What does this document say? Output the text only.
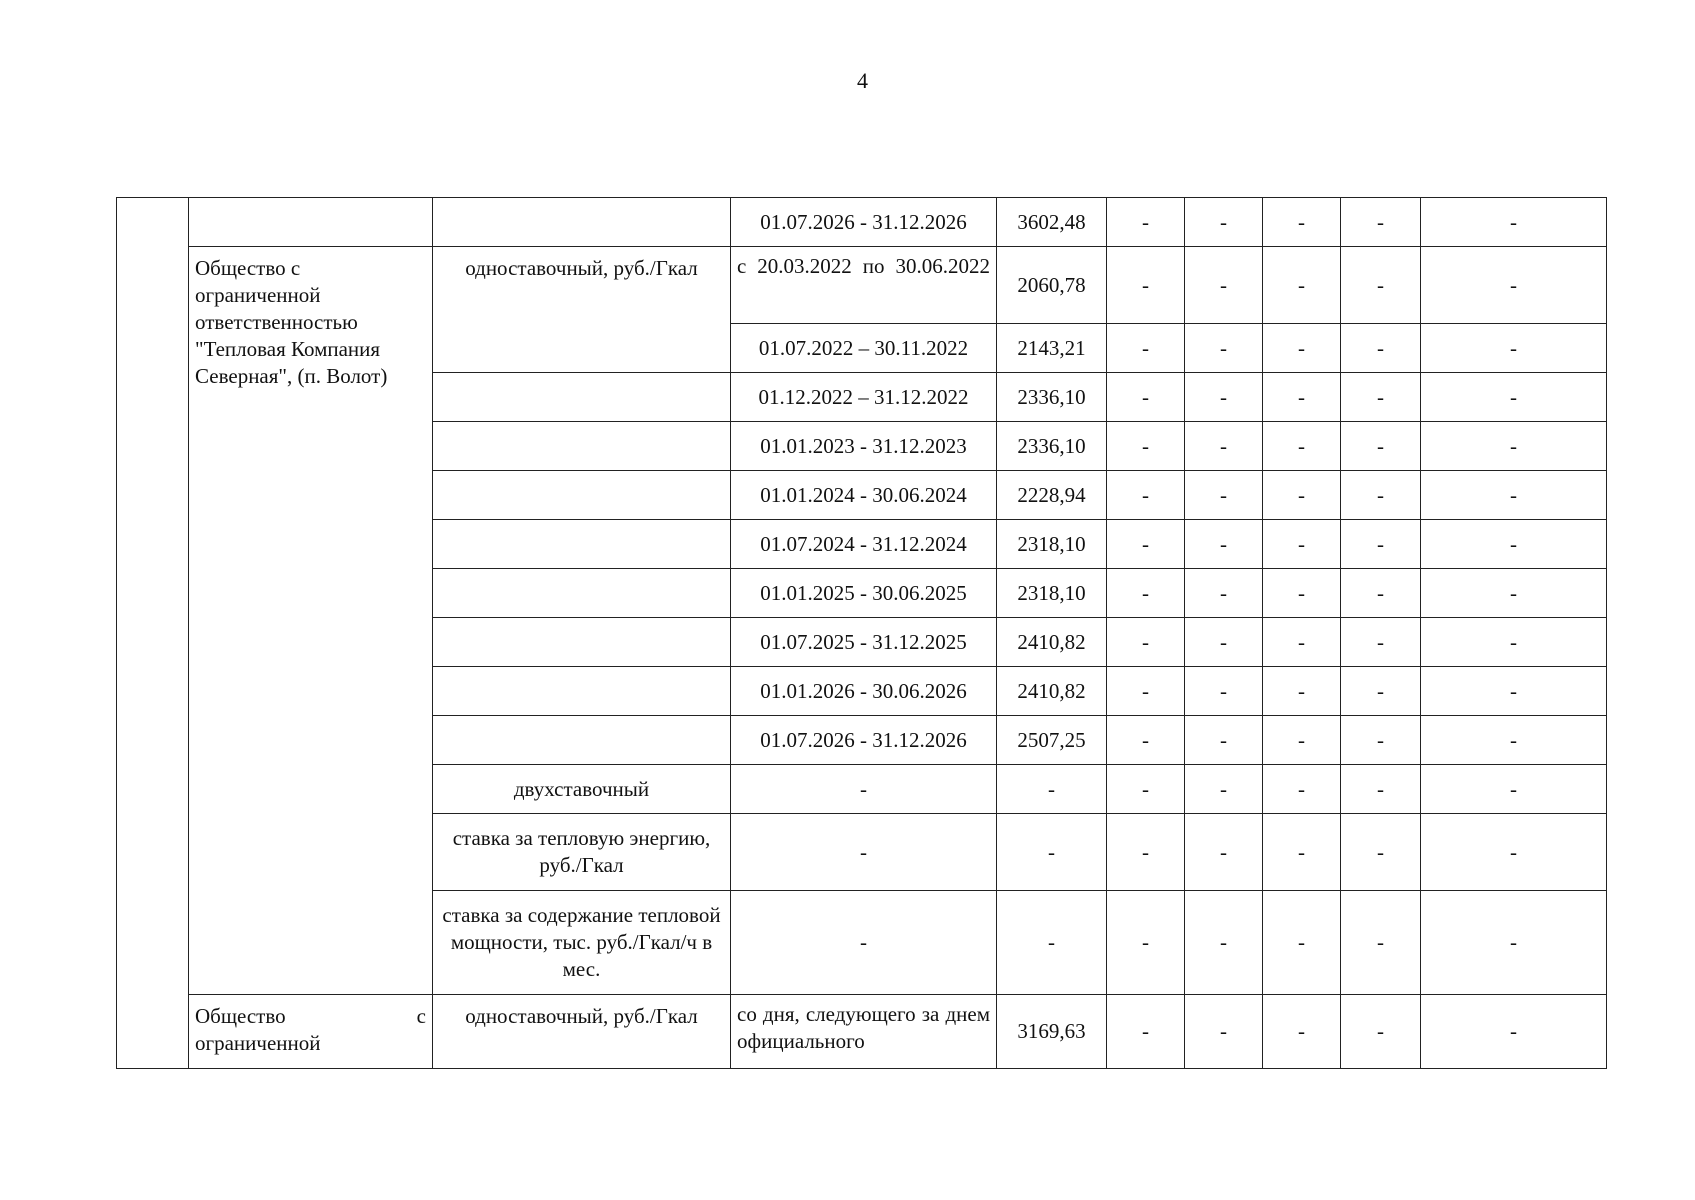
4
			01.07.2026 - 31.12.2026	3602,48	-	-	-	-	-
	Общество с ограниченной ответственностью "Тепловая Компания Северная", (п. Волот)	одноставочный, руб./Гкал	с 20.03.2022 по 30.06.2022	2060,78	-	-	-	-	-
			01.07.2022 – 30.11.2022	2143,21	-	-	-	-	-
			01.12.2022 – 31.12.2022	2336,10	-	-	-	-	-
			01.01.2023 - 31.12.2023	2336,10	-	-	-	-	-
			01.01.2024 - 30.06.2024	2228,94	-	-	-	-	-
			01.07.2024 - 31.12.2024	2318,10	-	-	-	-	-
			01.01.2025 - 30.06.2025	2318,10	-	-	-	-	-
			01.07.2025 - 31.12.2025	2410,82	-	-	-	-	-
			01.01.2026 - 30.06.2026	2410,82	-	-	-	-	-
			01.07.2026 - 31.12.2026	2507,25	-	-	-	-	-
		двухставочный	-	-	-	-	-	-	-
		ставка за тепловую энергию, руб./Гкал	-	-	-	-	-	-	-
		ставка за содержание тепловой мощности, тыс. руб./Гкал/ч в мес.	-	-	-	-	-	-	-
	Общество с ограниченной	одноставочный, руб./Гкал	со дня, следующего за днем официального	3169,63	-	-	-	-	-
